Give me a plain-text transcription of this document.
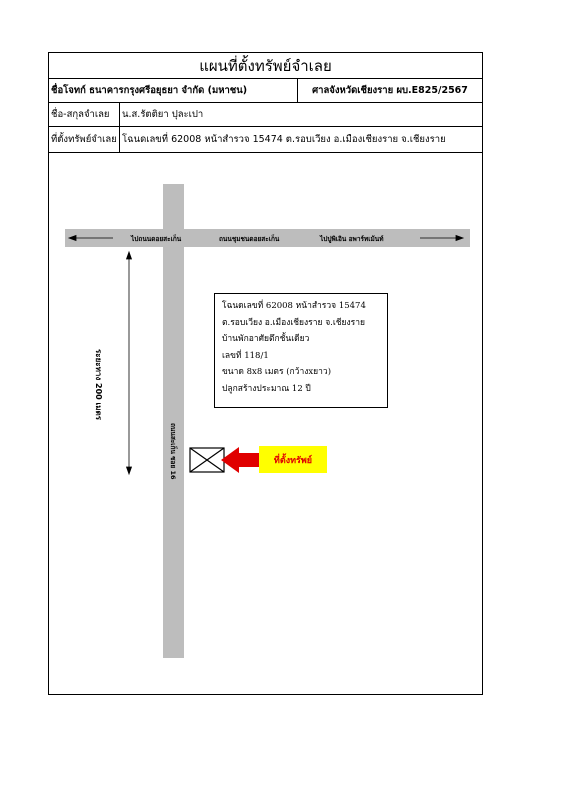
แผนที่ตั้งทรัพย์จำเลย
ชื่อโจทก์ ธนาคารกรุงศรีอยุธยา จำกัด (มหาชน)	ศาลจังหวัดเชียงราย ผบ.E825/2567
ชื่อ-สกุลจำเลย	น.ส.รัตติยา ปุละเปา
ที่ตั้งทรัพย์จำเลย โฉนดเลขที่ 62008 หน้าสำรวจ 15474 ต.รอบเวียง อ.เมืองเชียงราย จ.เชียงราย
ไปถนนดอยสะเก็น	ถนนชุมชนดอยสะเก็น	ไปปูพิเอิน อพาร์ทเม้นท์
ระยะทาง 200 เมตร
ถนนสะเก็น ซอย 16
โฉนดเลขที่ 62008 หน้าสำรวจ 15474
ต.รอบเวียง อ.เมืองเชียงราย จ.เชียงราย
บ้านพักอาศัยตึกชั้นเดียว
เลขที่ 118/1
ขนาด 8x8 เมตร (กว้างxยาว)
ปลูกสร้างประมาณ 12 ปี
ที่ตั้งทรัพย์
